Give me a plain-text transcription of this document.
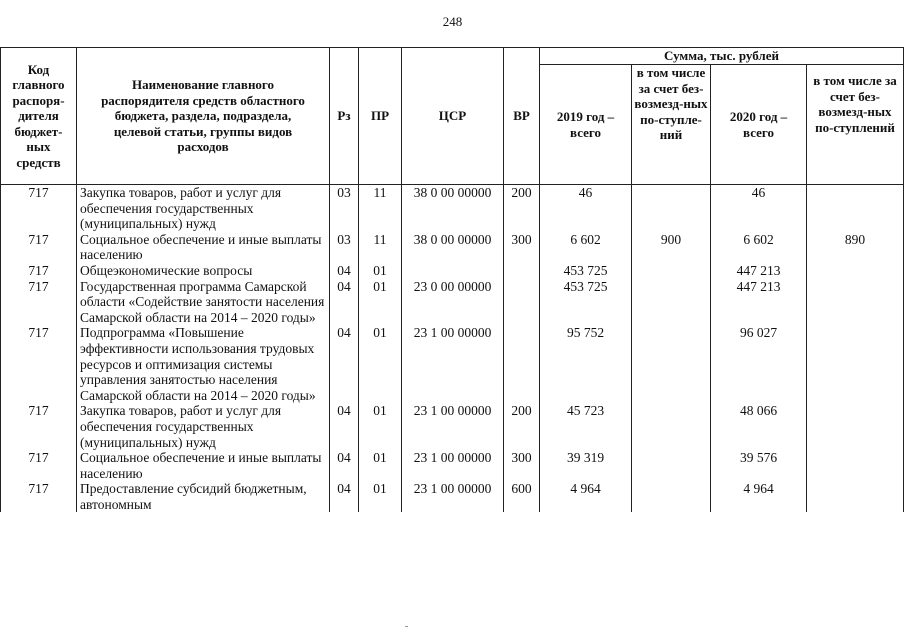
248
Код главного распоря-дителя бюджет-ных средств	Наименование главного распорядителя средств областного бюджета, раздела, подраздела, целевой статьи, группы видов расходов	Рз	ПР	ЦСР	ВР	Сумма, тыс. рублей			
						2019 год – всего	в том числе за счет без-возмезд-ных по-ступле-ний	2020 год – всего	в том числе за счет без-возмезд-ных по-ступлений
717	Закупка товаров, работ и услуг для обеспечения государственных (муниципальных) нужд	03	11	38 0 00 00000	200	46		46	
717	Социальное обеспечение и иные выплаты населению	03	11	38 0 00 00000	300	6 602	900	6 602	890
717	Общеэкономические вопросы	04	01			453 725		447 213	
717	Государственная программа Самарской области «Содействие занятости населения Самарской области на 2014 – 2020 годы»	04	01	23 0 00 00000		453 725		447 213	
717	Подпрограмма «Повышение эффективности использования трудовых ресурсов и оптимизация системы управления занятостью населения Самарской области на 2014 – 2020 годы»	04	01	23 1 00 00000		95 752		96 027	
717	Закупка товаров, работ и услуг для обеспечения государственных (муниципальных) нужд	04	01	23 1 00 00000	200	45 723		48 066	
717	Социальное обеспечение и иные выплаты населению	04	01	23 1 00 00000	300	39 319		39 576	
717	Предоставление субсидий бюджетным, автономным	04	01	23 1 00 00000	600	4 964		4 964	
